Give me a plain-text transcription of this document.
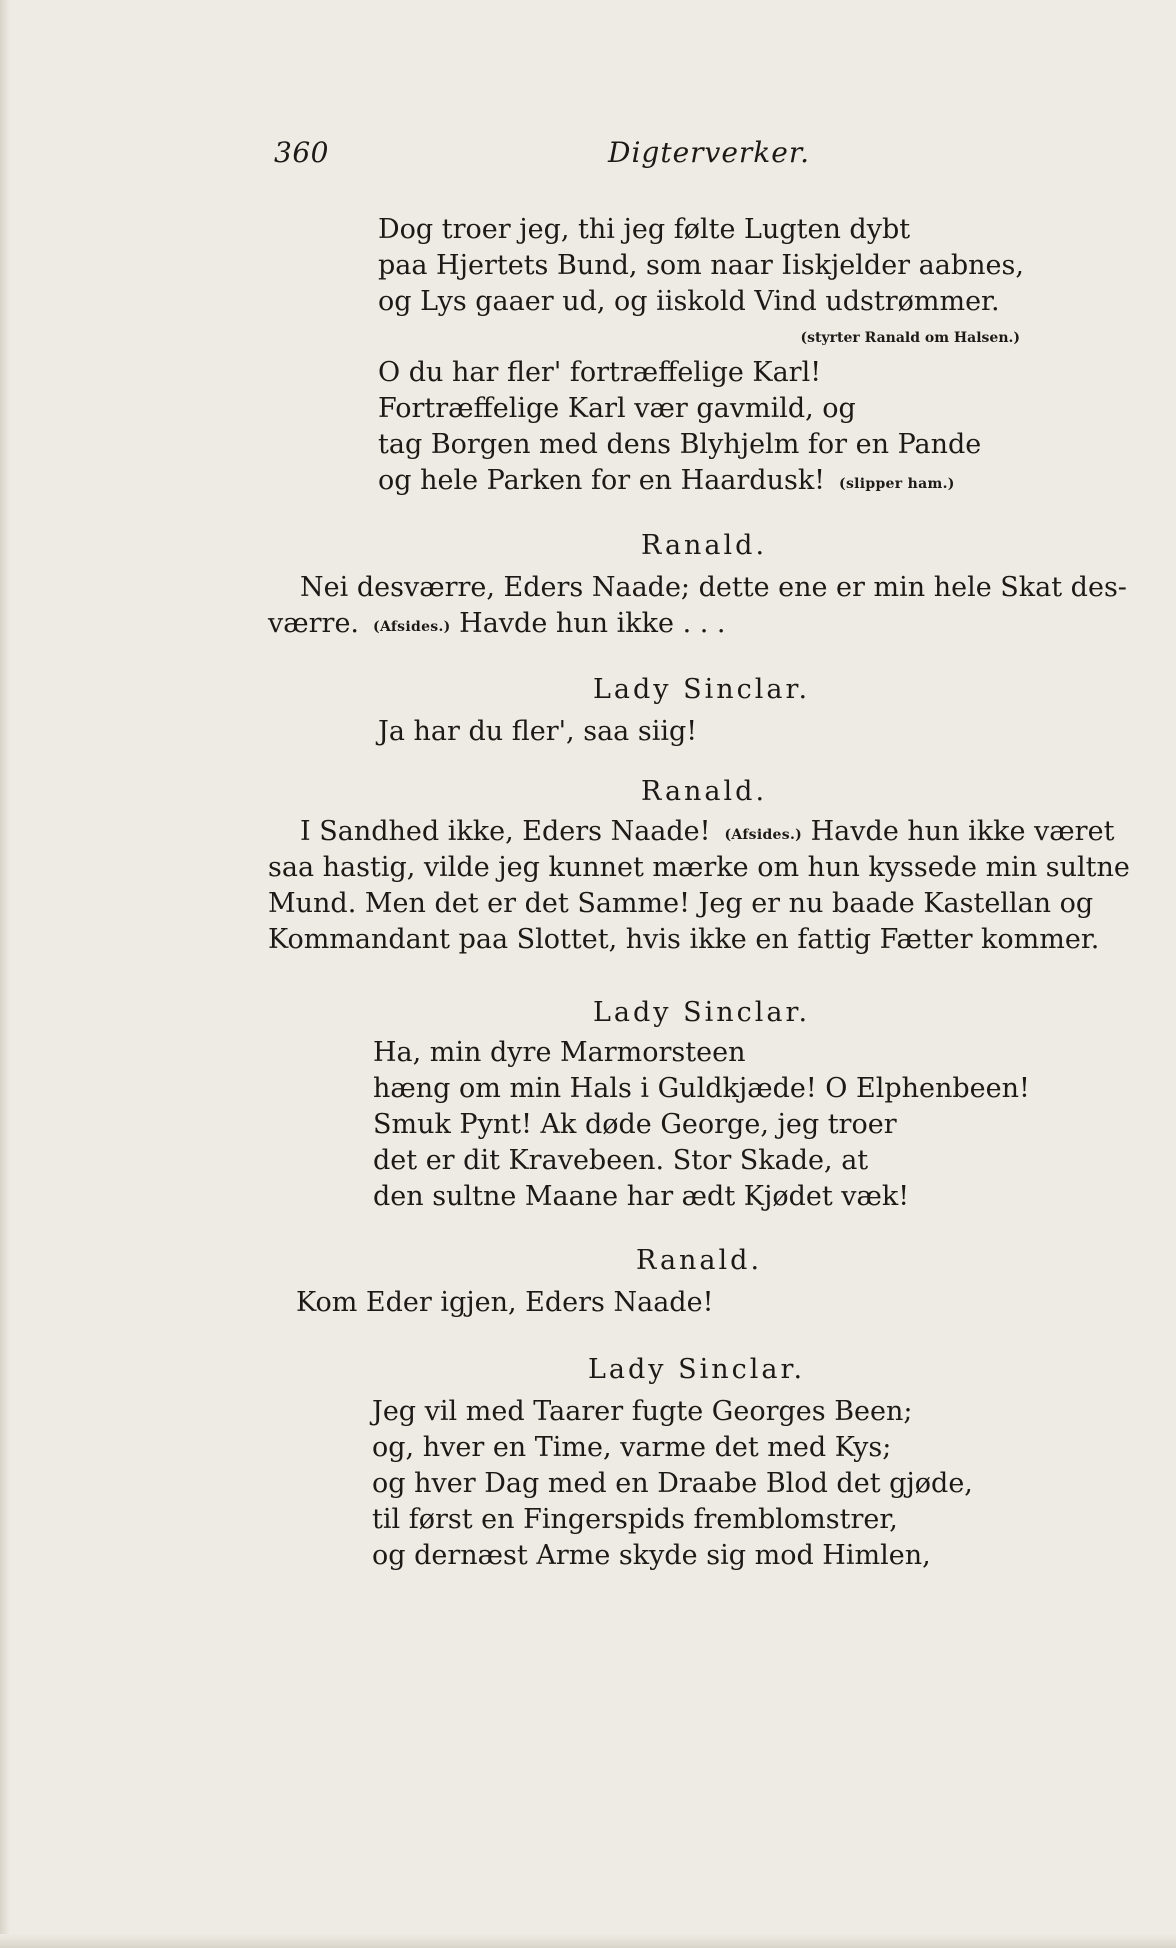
360	Digterverker.
Dog troer jeg, thi jeg følte Lugten dybt
paa Hjertets Bund, som naar Iiskjelder aabnes,
og Lys gaaer ud, og iiskold Vind udstrømmer.
(styrter Ranald om Halsen.)
O du har fler' fortræffelige Karl!
Fortræffelige Karl vær gavmild, og
tag Borgen med dens Blyhjelm for en Pande
og hele Parken for en Haardusk! (slipper ham.)
Ranald.
Nei desværre, Eders Naade; dette ene er min hele Skat des-
værre. (Afsides.) Havde hun ikke . . .
Lady Sinclar.
Ja har du fler', saa siig!
Ranald.
I Sandhed ikke, Eders Naade! (Afsides.) Havde hun ikke været
saa hastig, vilde jeg kunnet mærke om hun kyssede min sultne
Mund. Men det er det Samme! Jeg er nu baade Kastellan og
Kommandant paa Slottet, hvis ikke en fattig Fætter kommer.
Lady Sinclar.
Ha, min dyre Marmorsteen
hæng om min Hals i Guldkjæde! O Elphenbeen!
Smuk Pynt! Ak døde George, jeg troer
det er dit Kravebeen. Stor Skade, at
den sultne Maane har ædt Kjødet væk!
Ranald.
Kom Eder igjen, Eders Naade!
Lady Sinclar.
Jeg vil med Taarer fugte Georges Been;
og, hver en Time, varme det med Kys;
og hver Dag med en Draabe Blod det gjøde,
til først en Fingerspids fremblomstrer,
og dernæst Arme skyde sig mod Himlen,
